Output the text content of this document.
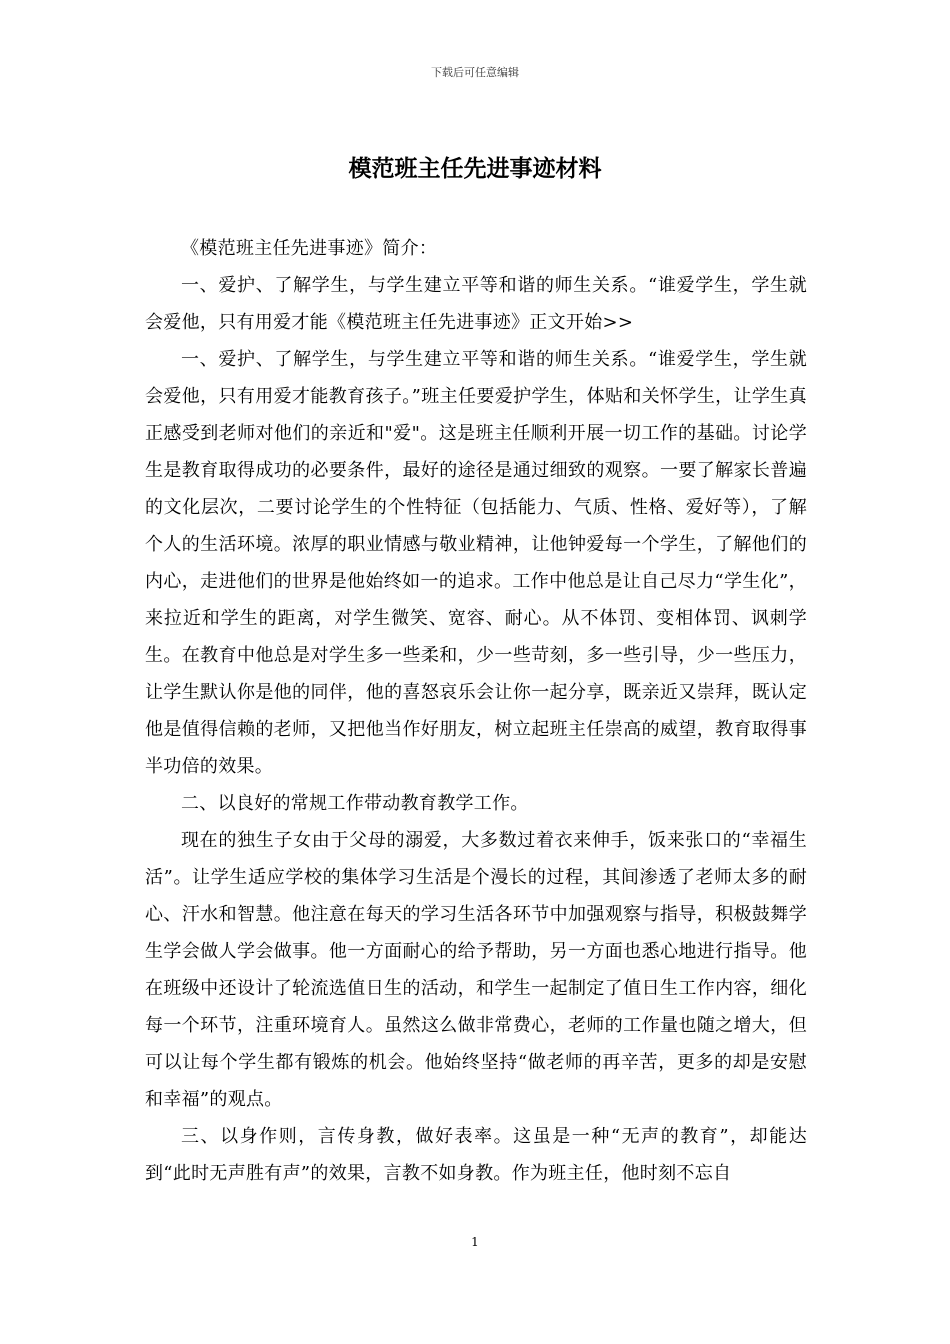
下载后可任意编辑
模范班主任先进事迹材料

《模范班主任先进事迹》简介：

一、爱护、了解学生，与学生建立平等和谐的师生关系。“谁爱学生，学生就会爱他，只有用爱才能《模范班主任先进事迹》正文开始>>

一、爱护、了解学生，与学生建立平等和谐的师生关系。“谁爱学生，学生就会爱他，只有用爱才能教育孩子。”班主任要爱护学生，体贴和关怀学生，让学生真正感受到老师对他们的亲近和"爱"。这是班主任顺利开展一切工作的基础。讨论学生是教育取得成功的必要条件，最好的途径是通过细致的观察。一要了解家长普遍的文化层次，二要讨论学生的个性特征（包括能力、气质、性格、爱好等），了解个人的生活环境。浓厚的职业情感与敬业精神，让他钟爱每一个学生，了解他们的内心，走进他们的世界是他始终如一的追求。工作中他总是让自己尽力“学生化”，来拉近和学生的距离，对学生微笑、宽容、耐心。从不体罚、变相体罚、讽刺学生。在教育中他总是对学生多一些柔和，少一些苛刻，多一些引导，少一些压力，让学生默认你是他的同伴，他的喜怒哀乐会让你一起分享，既亲近又崇拜，既认定他是值得信赖的老师，又把他当作好朋友，树立起班主任崇高的威望，教育取得事半功倍的效果。

二、以良好的常规工作带动教育教学工作。

现在的独生子女由于父母的溺爱，大多数过着衣来伸手，饭来张口的“幸福生活”。让学生适应学校的集体学习生活是个漫长的过程，其间渗透了老师太多的耐心、汗水和智慧。他注意在每天的学习生活各环节中加强观察与指导，积极鼓舞学生学会做人学会做事。他一方面耐心的给予帮助，另一方面也悉心地进行指导。他在班级中还设计了轮流选值日生的活动，和学生一起制定了值日生工作内容，细化每一个环节，注重环境育人。虽然这么做非常费心，老师的工作量也随之增大，但可以让每个学生都有锻炼的机会。他始终坚持“做老师的再辛苦，更多的却是安慰和幸福”的观点。

三、以身作则，言传身教，做好表率。这虽是一种“无声的教育”，却能达到“此时无声胜有声”的效果，言教不如身教。作为班主任，他时刻不忘自

1
